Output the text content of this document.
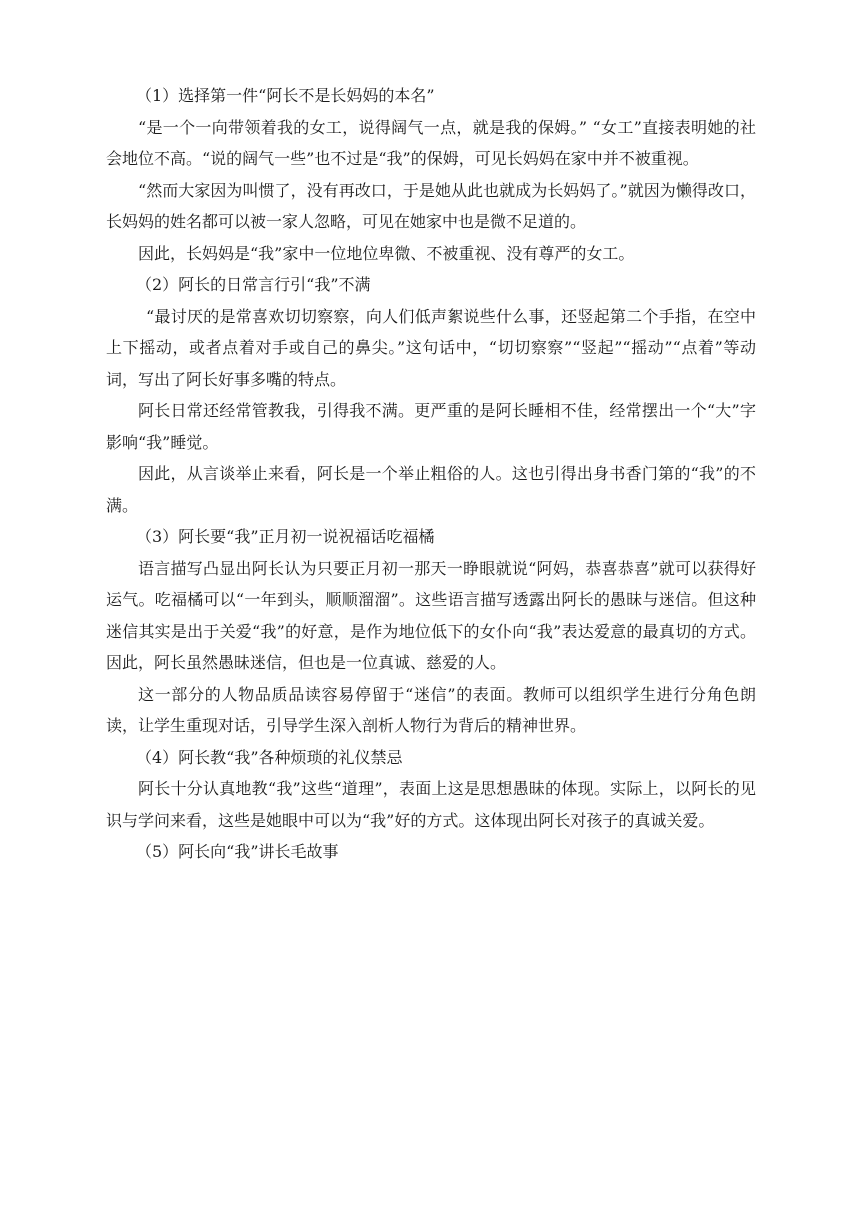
（1）选择第一件“阿长不是长妈妈的本名”

“是一个一向带领着我的女工，说得阔气一点，就是我的保姆。” “女工”直接表明她的社会地位不高。“说的阔气一些”也不过是“我”的保姆，可见长妈妈在家中并不被重视。

“然而大家因为叫惯了，没有再改口，于是她从此也就成为长妈妈了。”就因为懒得改口，长妈妈的姓名都可以被一家人忽略，可见在她家中也是微不足道的。

因此，长妈妈是“我”家中一位地位卑微、不被重视、没有尊严的女工。

（2）阿长的日常言行引“我”不满

“最讨厌的是常喜欢切切察察，向人们低声絮说些什么事，还竖起第二个手指，在空中上下摇动，或者点着对手或自己的鼻尖。”这句话中，“切切察察”“竖起”“摇动”“点着”等动词，写出了阿长好事多嘴的特点。

阿长日常还经常管教我，引得我不满。更严重的是阿长睡相不佳，经常摆出一个“大”字影响“我”睡觉。

因此，从言谈举止来看，阿长是一个举止粗俗的人。这也引得出身书香门第的“我”的不满。

（3）阿长要“我”正月初一说祝福话吃福橘

语言描写凸显出阿长认为只要正月初一那天一睁眼就说“阿妈，恭喜恭喜”就可以获得好运气。吃福橘可以“一年到头，顺顺溜溜”。这些语言描写透露出阿长的愚昧与迷信。但这种迷信其实是出于关爱“我”的好意，是作为地位低下的女仆向“我”表达爱意的最真切的方式。因此，阿长虽然愚昧迷信，但也是一位真诚、慈爱的人。

这一部分的人物品质品读容易停留于“迷信”的表面。教师可以组织学生进行分角色朗读，让学生重现对话，引导学生深入剖析人物行为背后的精神世界。

（4）阿长教“我”各种烦琐的礼仪禁忌

阿长十分认真地教“我”这些“道理”，表面上这是思想愚昧的体现。实际上，以阿长的见识与学问来看，这些是她眼中可以为“我”好的方式。这体现出阿长对孩子的真诚关爱。

（5）阿长向“我”讲长毛故事
